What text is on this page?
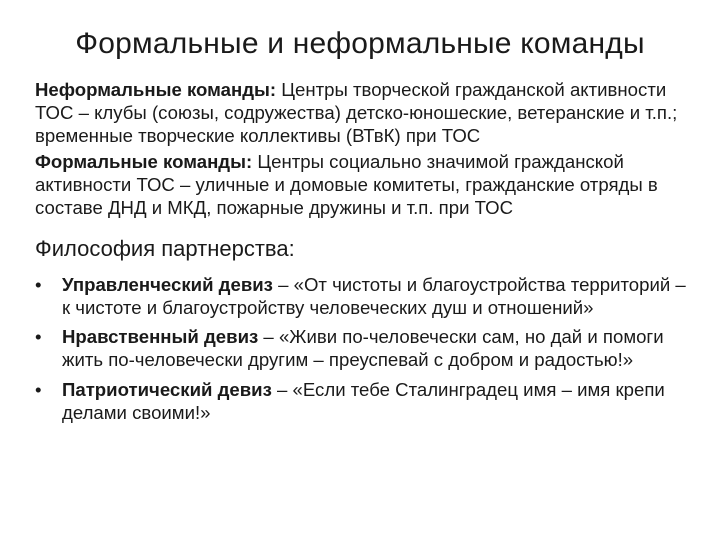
Формальные и неформальные команды

Неформальные команды: Центры творческой гражданской активности ТОС – клубы (союзы, содружества) детско-юношеские, ветеранские и т.п.; временные творческие коллективы (ВТвК) при ТОС

Формальные команды: Центры социально значимой гражданской активности ТОС – уличные и домовые комитеты, гражданские отряды в составе ДНД и МКД, пожарные дружины и т.п. при ТОС

Философия партнерства:

•	Управленческий девиз – «От чистоты и благоустройства территорий – к чистоте и благоустройству человеческих душ и отношений»
•	Нравственный девиз – «Живи по-человечески сам, но дай и помоги жить по-человечески другим – преуспевай с добром и радостью!»
•	Патриотический девиз – «Если тебе Сталинградец имя – имя крепи делами своими!»
